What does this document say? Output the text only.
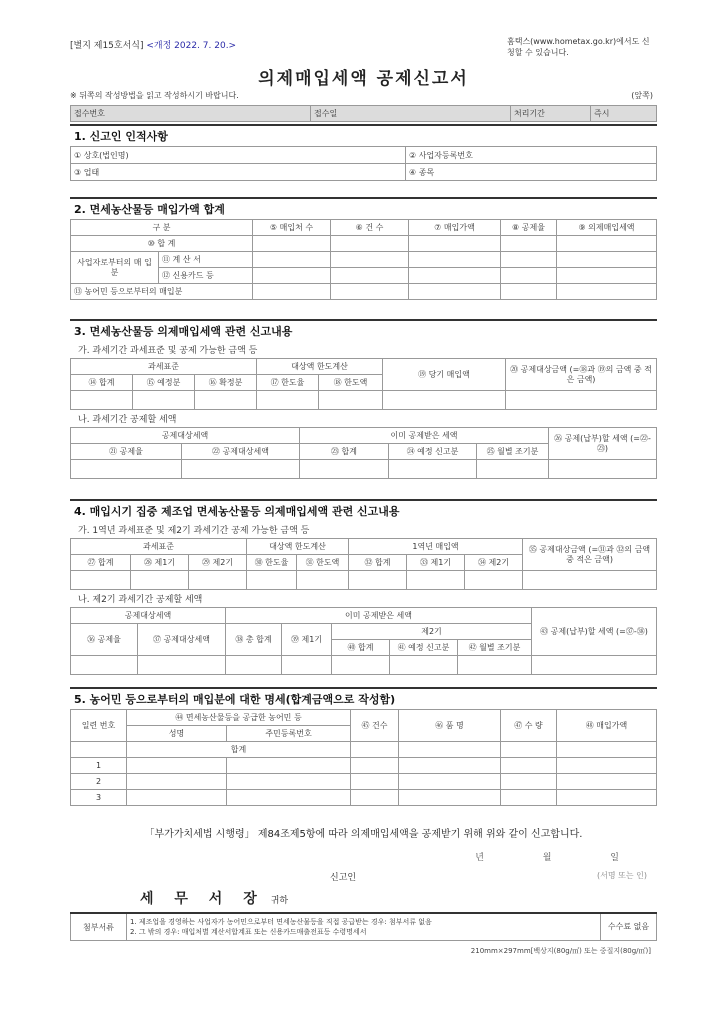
[별지 제15호서식] <개정 2022. 7. 20.>	홈택스(www.hometax.go.kr)에서도 신청할 수 있습니다.
의제매입세액 공제신고서
※ 뒤쪽의 작성방법을 읽고 작성하시기 바랍니다.	(앞쪽)
접수번호	접수일	처리기간	즉시
1. 신고인 인적사항
① 상호(법인명)	② 사업자등록번호
③ 업태	④ 종목
2. 면세농산물등 매입가액 합계
구 분		⑤ 매입처 수	⑥ 건 수	⑦ 매입가액	⑧ 공제율	⑨ 의제매입세액
⑩ 합 계						
사업자로부터의 매 입 분	⑪ 계 산 서					
	⑫ 신용카드 등					
⑬ 농어민 등으로부터의 매입분						
3. 면세농산물등 의제매입세액 관련 신고내용
가. 과세기간 과세표준 및 공제 가능한 금액 등
과세표준			대상액 한도계산		⑲ 당기 매입액	⑳ 공제대상금액 (=⑱과 ⑲의 금액 중 적은 금액)
⑭ 합계	⑮ 예정분	⑯ 확정분	⑰ 한도율	⑱ 한도액		

나. 과세기간 공제할 세액
공제대상세액		이미 공제받은 세액			㉖ 공제(납부)할 세액 (=㉒-㉓)
㉑ 공제율	㉒ 공제대상세액	㉓ 합계	㉔ 예정 신고분	㉕ 월별 조기분	

4. 매입시기 집중 제조업 면세농산물등 의제매입세액 관련 신고내용
가. 1역년 과세표준 및 제2기 과세기간 공제 가능한 금액 등
과세표준			대상액 한도계산		1역년 매입액			㉟ 공제대상금액 (=㉛과 ㉜의 금액 중 적은 금액)
㉗ 합계	㉘ 제1기	㉙ 제2기	㉚ 한도율	㉛ 한도액	㉜ 합계	㉝ 제1기	㉞ 제2기	

나. 제2기 과세기간 공제할 세액
공제대상세액		이미 공제받은 세액					㊸ 공제(납부)할 세액 (=㊲-㊳)
㊱ 공제율	㊲ 공제대상세액	㊳ 총 합계	㊴ 제1기	제2기			
				㊵ 합계	㊶ 예정 신고분	㊷ 월별 조기분	

5. 농어민 등으로부터의 매입분에 대한 명세(합계금액으로 작성함)
일련 번호	㊹ 면세농산물등을 공급한 농어민 등		㊺ 건수	㊻ 품 명	㊼ 수 량	㊽ 매입가액
	성명	주민등록번호				
	합계					
1						
2						
3						
「부가가치세법 시행령」 제84조제5항에 따라 의제매입세액을 공제받기 위해 위와 같이 신고합니다.
년 월 일
신고인	(서명 또는 인)
세 무 서 장 귀하
첨부서류	
1. 제조업을 경영하는 사업자가 농어민으로부터 면세농산물등을 직접 공급받는 경우: 첨부서류 없음
2. 그 밖의 경우: 매입처별 계산서합계표 또는 신용카드매출전표등 수령명세서
	수수료 없음
210mm×297mm[백상지(80g/㎡) 또는 중질지(80g/㎡)]
